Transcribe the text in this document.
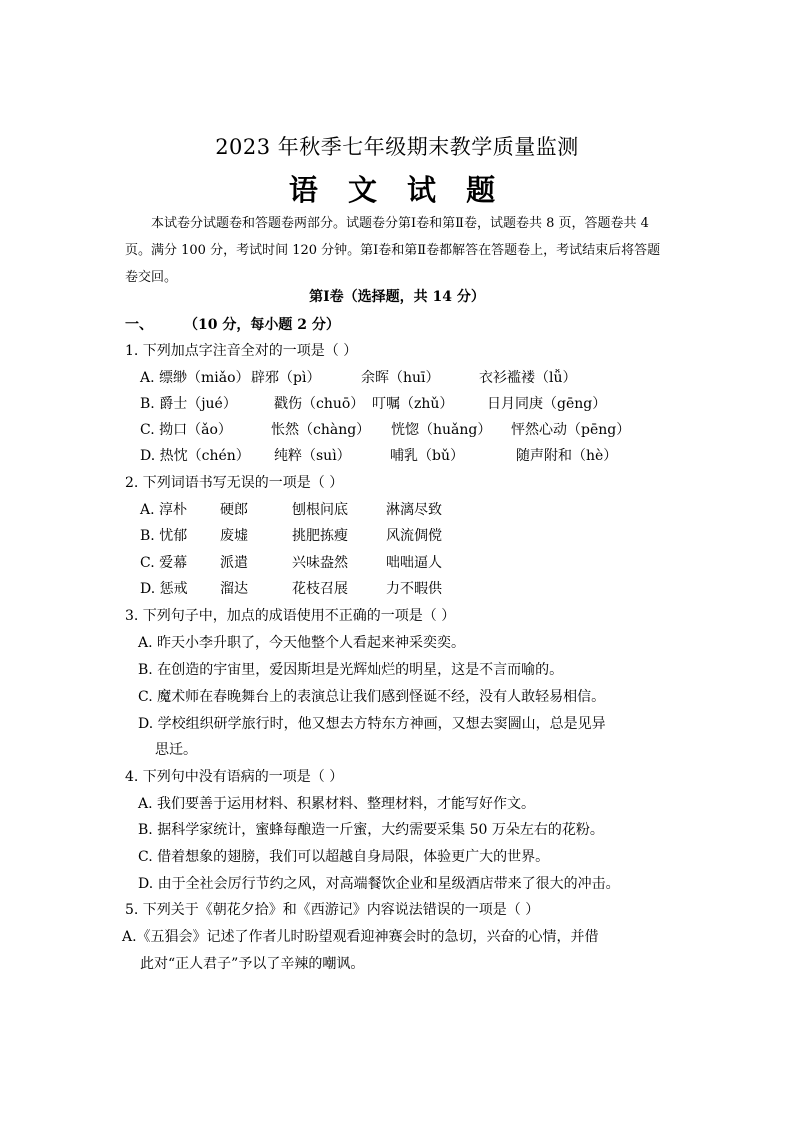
2023 年秋季七年级期末教学质量监测
语 文 试 题
本试卷分试题卷和答题卷两部分。试题卷分第Ⅰ卷和第Ⅱ卷，试题卷共 8 页，答题卷共 4 页。满分 100 分，考试时间 120 分钟。第Ⅰ卷和第Ⅱ卷都解答在答题卷上，考试结束后将答题卷交回。
第Ⅰ卷（选择题，共 14 分）
一、	（10 分，每小题 2 分）
1. 下列加点字注音全对的一项是（ ）
A. 缥缈（miǎo） 辟邪（pì）	余晖（huī）	衣衫褴褛（lǚ）
B. 爵士（jué）	戳伤（chuō） 叮嘱（zhǔ）	日月同庚（gēng）
C. 拗口（ǎo）	怅然（chàng）	恍惚（huǎng）	怦然心动（pēng）
D. 热忱（chén）	纯粹（suì）	哺乳（bǔ）	随声附和（hè）
2. 下列词语书写无误的一项是（ ）
A. 淳朴	硬郎	刨根问底	淋漓尽致
B. 忧郁	废墟	挑肥拣瘦	风流倜傥
C. 爱幕	派遣	兴味盎然	咄咄逼人
D. 惩戒	溜达	花枝召展	力不暇供
3. 下列句子中，加点的成语使用不正确的一项是（ ）
A. 昨天小李升职了，今天他整个人看起来神采奕奕。
B. 在创造的宇宙里，爱因斯坦是光辉灿烂的明星，这是不言而喻的。
C. 魔术师在春晚舞台上的表演总让我们感到怪诞不经，没有人敢轻易相信。
D. 学校组织研学旅行时，他又想去方特东方神画，又想去窦圌山，总是见异
思迁。
4. 下列句中没有语病的一项是（ ）
A. 我们要善于运用材料、积累材料、整理材料，才能写好作文。
B. 据科学家统计，蜜蜂每酿造一斤蜜，大约需要采集 50 万朵左右的花粉。
C. 借着想象的翅膀，我们可以超越自身局限，体验更广大的世界。
D. 由于全社会厉行节约之风，对高端餐饮企业和星级酒店带来了很大的冲击。
5. 下列关于《朝花夕拾》和《西游记》内容说法错误的一项是（ ）
A.《五猖会》记述了作者儿时盼望观看迎神赛会时的急切，兴奋的心情，并借
此对“正人君子”予以了辛辣的嘲讽。
